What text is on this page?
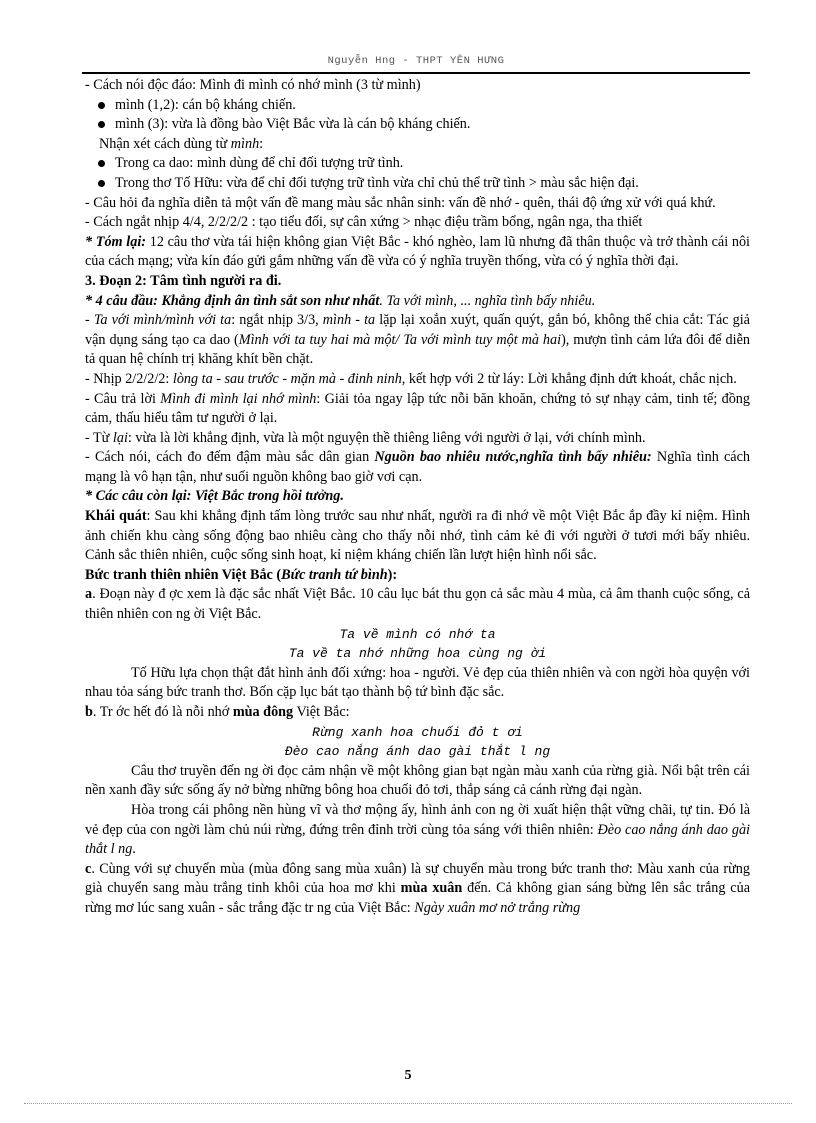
Nguyễn Hng - THPT YÊN HƯNG

- Cách nói độc đáo: Mình đi mình có nhớ mình (3 từ mình)

mình (1,2): cán bộ kháng chiến.

mình (3): vừa là đồng bào Việt Bắc vừa là cán bộ kháng chiến.

Nhận xét cách dùng từ mình:

Trong ca dao: mình dùng để chỉ đối tượng trữ tình.

Trong thơ Tố Hữu: vừa để chỉ đối tượng trữ tình vừa chỉ chủ thể trữ tình > màu sắc hiện đại.

- Câu hỏi đa nghĩa diễn tả một vấn đề mang màu sắc nhân sinh: vấn đề nhớ - quên, thái độ ứng xử với quá khứ.

- Cách ngắt nhịp 4/4, 2/2/2/2 : tạo tiểu đối, sự cân xứng > nhạc điệu trầm bổng, ngân nga, tha thiết

* Tóm lại: 12 câu thơ vừa tái hiện không gian Việt Bắc - khó nghèo, lam lũ nhưng đã thân thuộc và trở thành cái nôi của cách mạng; vừa kín đáo gửi gắm những vấn đề vừa có ý nghĩa truyền thống, vừa có ý nghĩa thời đại.

3. Đoạn 2: Tâm tình người ra đi.

* 4 câu đầu: Khẳng định ân tình sắt son như nhất. Ta với mình, ... nghĩa tình bấy nhiêu.

- Ta với mình/mình với ta: ngắt nhịp 3/3, mình - ta lặp lại xoắn xuýt, quấn quýt, gắn bó, không thể chia cắt: Tác giả vận dụng sáng tạo ca dao (Mình với ta tuy hai mà một/ Ta với mình tuy một mà hai), mượn tình cảm lứa đôi để diễn tả quan hệ chính trị khăng khít bền chặt.

- Nhịp 2/2/2/2: lòng ta - sau trước - mặn mà - đinh ninh, kết hợp với 2 từ láy: Lời khẳng định dứt khoát, chắc nịch.

- Câu trả lời Mình đi mình lại nhớ mình: Giải tỏa ngay lập tức nỗi băn khoăn, chứng tỏ sự nhạy cảm, tinh tế; đồng cảm, thấu hiểu tâm tư người ở lại.

- Từ lại: vừa là lời khẳng định, vừa là một nguyện thề thiêng liêng với người ở lại, với chính mình.

- Cách nói, cách đo đếm đậm màu sắc dân gian Nguồn bao nhiêu nước,nghĩa tình bấy nhiêu: Nghĩa tình cách mạng là vô hạn tận, như suối nguồn không bao giờ vơi cạn.

* Các câu còn lại: Việt Bắc trong hồi tưởng.

Khái quát: Sau khi khẳng định tấm lòng trước sau như nhất, người ra đi nhớ về một Việt Bắc ắp đầy kỉ niệm. Hình ảnh chiến khu càng sống động bao nhiêu càng cho thấy nỗi nhớ, tình cảm kẻ đi với người ở tươi mới bấy nhiêu. Cảnh sắc thiên nhiên, cuộc sống sinh hoạt, kỉ niệm kháng chiến lần lượt hiện hình nổi sắc.

Bức tranh thiên nhiên Việt Bắc (Bức tranh tứ bình):

a. Đoạn này đ ợc xem là đặc sắc nhất Việt Bắc. 10 câu lục bát thu gọn cả sắc màu 4 mùa, cả âm thanh cuộc sống, cả thiên nhiên con ng ời Việt Bắc.

Ta về mình có nhớ ta

Ta về ta nhớ những hoa cùng ng ời

Tố Hữu lựa chọn thật đắt hình ảnh đối xứng: hoa - người. Vẻ đẹp của thiên nhiên và con ngời hòa quyện với nhau tỏa sáng bức tranh thơ. Bốn cặp lục bát tạo thành bộ tứ bình đặc sắc.

b. Tr ớc hết đó là nỗi nhớ mùa đông Việt Bắc:

Rừng xanh hoa chuối đỏ t ơi

Đèo cao nắng ánh dao gài thắt l ng

Câu thơ truyền đến ng ời đọc cảm nhận về một không gian bạt ngàn màu xanh của rừng già. Nổi bật trên cái nền xanh đầy sức sống ấy nở bừng những bông hoa chuối đỏ tơi, thắp sáng cả cánh rừng đại ngàn.

Hòa trong cái phông nền hùng vĩ và thơ mộng ấy, hình ảnh con ng ời xuất hiện thật vững chãi, tự tin. Đó là vẻ đẹp của con ngời làm chủ núi rừng, đứng trên đỉnh trời cùng tỏa sáng với thiên nhiên: Đèo cao nắng ánh dao gài thắt l ng.

c. Cùng với sự chuyển mùa (mùa đông sang mùa xuân) là sự chuyển màu trong bức tranh thơ: Màu xanh của rừng già chuyển sang màu trắng tinh khôi của hoa mơ khi mùa xuân đến. Cả không gian sáng bừng lên sắc trắng của rừng mơ lúc sang xuân - sắc trắng đặc tr ng của Việt Bắc: Ngày xuân mơ nở trắng rừng

5
